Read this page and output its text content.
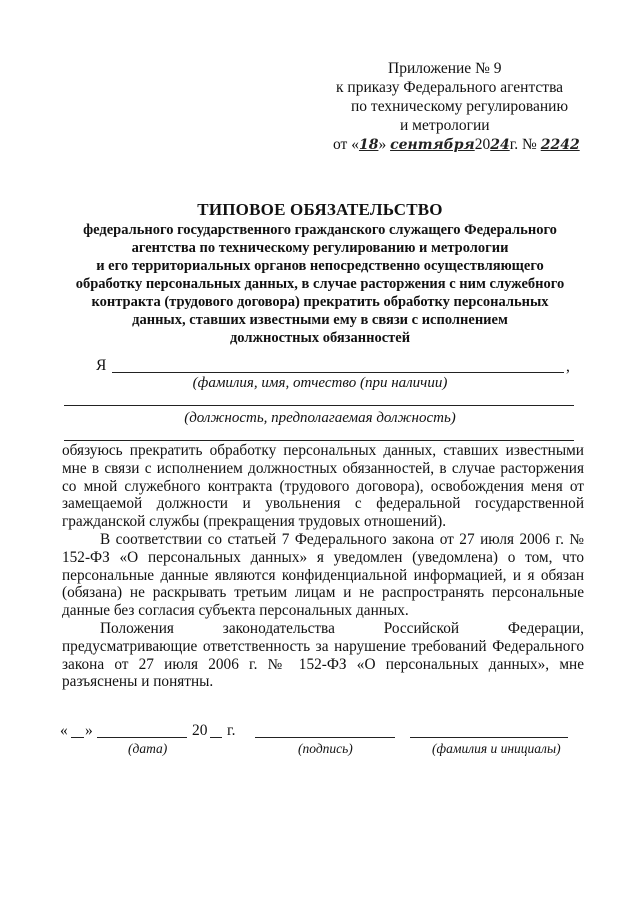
Приложение № 9
к приказу Федерального агентства
по техническому регулированию
и метрологии
от «18» сентября2024г. № 2242
ТИПОВОЕ ОБЯЗАТЕЛЬСТВО
федерального государственного гражданского служащего Федерального
агентства по техническому регулированию и метрологии
и его территориальных органов непосредственно осуществляющего
обработку персональных данных, в случае расторжения с ним служебного
контракта (трудового договора) прекратить обработку персональных
данных, ставших известными ему в связи с исполнением
должностных обязанностей
Я	,
(фамилия, имя, отчество (при наличии)
(должность, предполагаемая должность)

обязуюсь прекратить обработку персональных данных, ставших известными мне в связи с исполнением должностных обязанностей, в случае расторжения со мной служебного контракта (трудового договора), освобождения меня от замещаемой должности и увольнения с федеральной государственной гражданской службы (прекращения трудовых отношений).

В соответствии со статьей 7 Федерального закона от 27 июля 2006 г. № 152-ФЗ «О персональных данных» я уведомлен (уведомлена) о том, что персональные данные являются конфиденциальной информацией, и я обязан (обязана) не раскрывать третьим лицам и не распространять персональные данные без согласия субъекта персональных данных.

Положения законодательства Российской Федерации, предусматривающие ответственность за нарушение требований Федерального закона от 27 июля 2006 г. № 152-ФЗ «О персональных данных», мне разъяснены и понятны.

« »	20 г.
(дата)	(подпись)	(фамилия и инициалы)
